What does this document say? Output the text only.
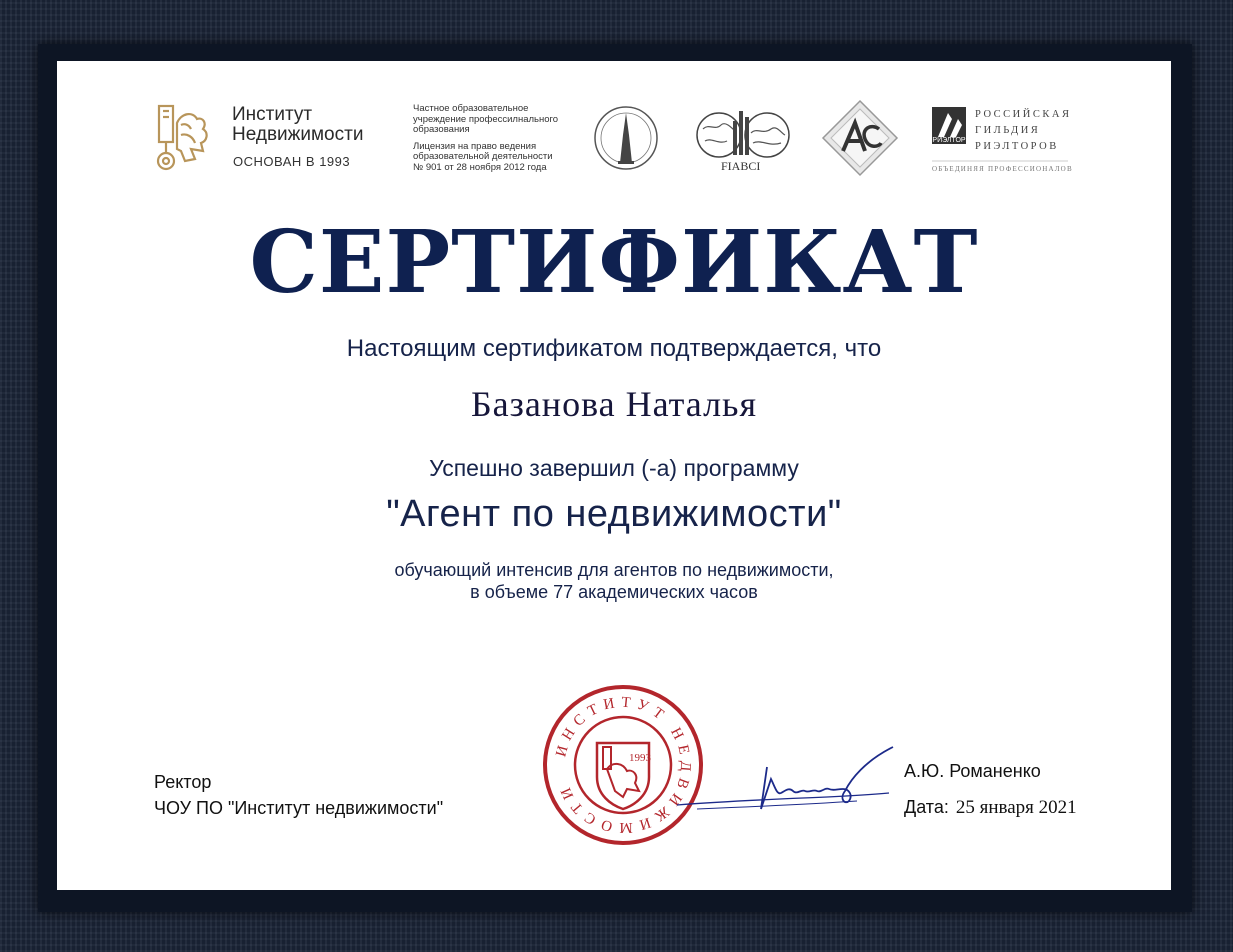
Институт
Недвижимости
ОСНОВАН В 1993
Частное образовательное
учреждение профессилнального
образования
Лицензия на право ведения
образовательной деятельности
№ 901 от 28 ноября 2012 года	FIABCI
РОССИЙСКАЯ
ГИЛЬДИЯ
РИЭЛТОРОВ
РИЭЛТОР
ОБЪЕДИНЯЯ ПРОФЕССИОНАЛОВ
СЕРТИФИКАТ
Настоящим сертификатом подтверждается, что
Базанова Наталья
Успешно завершил (-а) программу
"Агент по недвижимости"
обучающий интенсив для агентов по недвижимости,
в объеме 77 академических часов
Ректор
ЧОУ ПО "Институт недвижимости"
ИНСТИТУТ НЕДВИЖИМОСТИ
1993
А.Ю. Романенко
Дата: 25 января 2021
